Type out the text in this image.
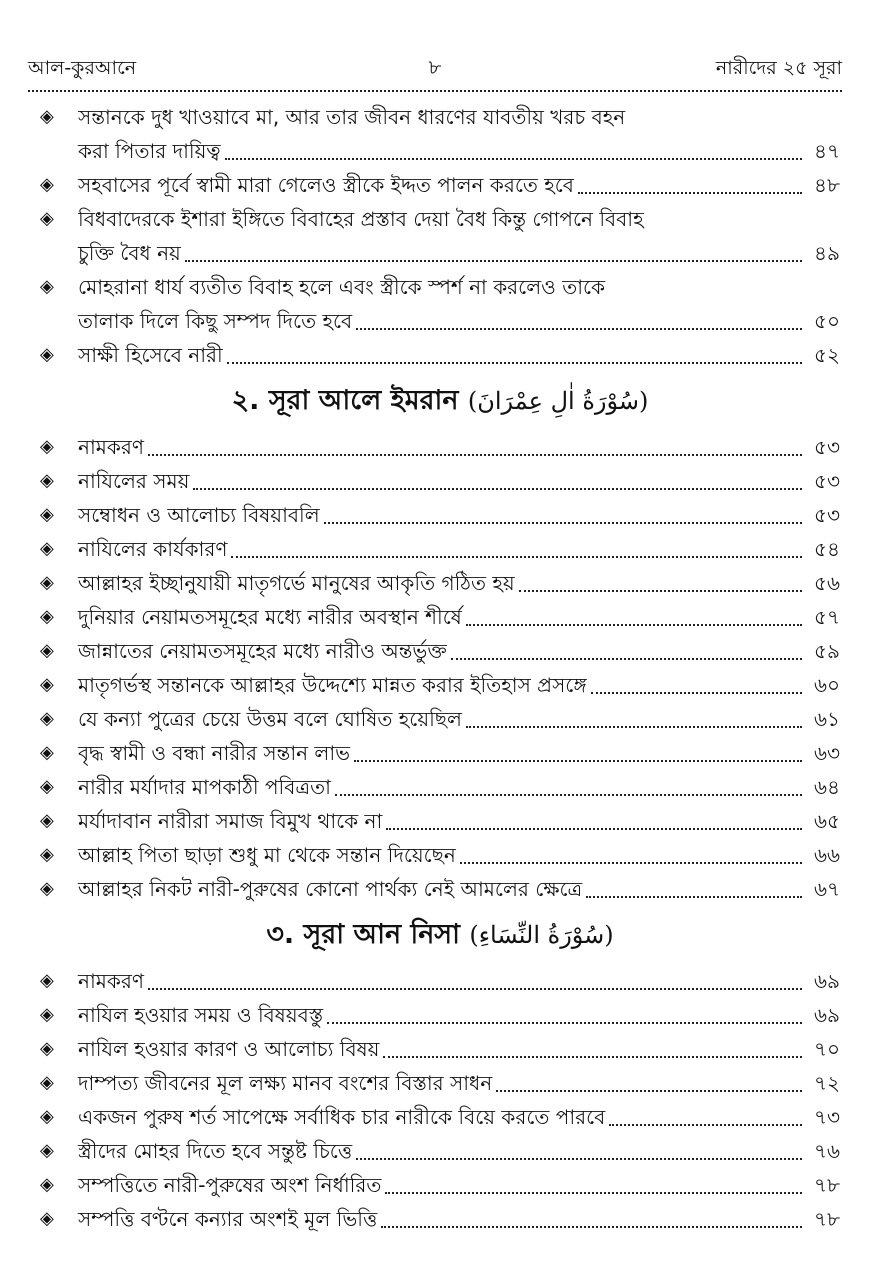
আল-কুরআনে	৮	নারীদের ২৫ সূরা
◈	সন্তানকে দুধ খাওয়াবে মা, আর তার জীবন ধারণের যাবতীয় খরচ বহন
করা পিতার দায়িত্ব	৪৭
◈	সহবাসের পূর্বে স্বামী মারা গেলেও স্ত্রীকে ইদ্দত পালন করতে হবে	৪৮
◈	বিধবাদেরকে ইশারা ইঙ্গিতে বিবাহের প্রস্তাব দেয়া বৈধ কিন্তু গোপনে বিবাহ
চুক্তি বৈধ নয়	৪৯
◈	মোহরানা ধার্য ব্যতীত বিবাহ হলে এবং স্ত্রীকে স্পর্শ না করলেও তাকে
তালাক দিলে কিছু সম্পদ দিতে হবে	৫০
◈	সাক্ষী হিসেবে নারী	৫২
২. সূরা আলে ইমরান (سُوْرَةُ اٰلِ عِمْرَانَ)
◈	নামকরণ	৫৩
◈	নাযিলের সময়	৫৩
◈	সম্বোধন ও আলোচ্য বিষয়াবলি	৫৩
◈	নাযিলের কার্যকারণ	৫৪
◈	আল্লাহর ইচ্ছানুযায়ী মাতৃগর্ভে মানুষের আকৃতি গঠিত হয়	৫৬
◈	দুনিয়ার নেয়ামতসমূহের মধ্যে নারীর অবস্থান শীর্ষে	৫৭
◈	জান্নাতের নেয়ামতসমূহের মধ্যে নারীও অন্তর্ভুক্ত	৫৯
◈	মাতৃগর্ভস্থ সন্তানকে আল্লাহর উদ্দেশ্যে মান্নত করার ইতিহাস প্রসঙ্গে	৬০
◈	যে কন্যা পুত্রের চেয়ে উত্তম বলে ঘোষিত হয়েছিল	৬১
◈	বৃদ্ধ স্বামী ও বন্ধা নারীর সন্তান লাভ	৬৩
◈	নারীর মর্যাদার মাপকাঠী পবিত্রতা	৬৪
◈	মর্যাদাবান নারীরা সমাজ বিমুখ থাকে না	৬৫
◈	আল্লাহ পিতা ছাড়া শুধু মা থেকে সন্তান দিয়েছেন	৬৬
◈	আল্লাহর নিকট নারী-পুরুষের কোনো পার্থক্য নেই আমলের ক্ষেত্রে	৬৭
৩. সূরা আন নিসা (سُوْرَةُ النِّسَاءِ)
◈	নামকরণ	৬৯
◈	নাযিল হওয়ার সময় ও বিষয়বস্তু	৬৯
◈	নাযিল হওয়ার কারণ ও আলোচ্য বিষয়	৭০
◈	দাম্পত্য জীবনের মূল লক্ষ্য মানব বংশের বিস্তার সাধন	৭২
◈	একজন পুরুষ শর্ত সাপেক্ষে সর্বাধিক চার নারীকে বিয়ে করতে পারবে	৭৩
◈	স্ত্রীদের মোহর দিতে হবে সন্তুষ্ট চিত্তে	৭৬
◈	সম্পত্তিতে নারী-পুরুষের অংশ নির্ধারিত	৭৮
◈	সম্পত্তি বণ্টনে কন্যার অংশই মূল ভিত্তি	৭৮
